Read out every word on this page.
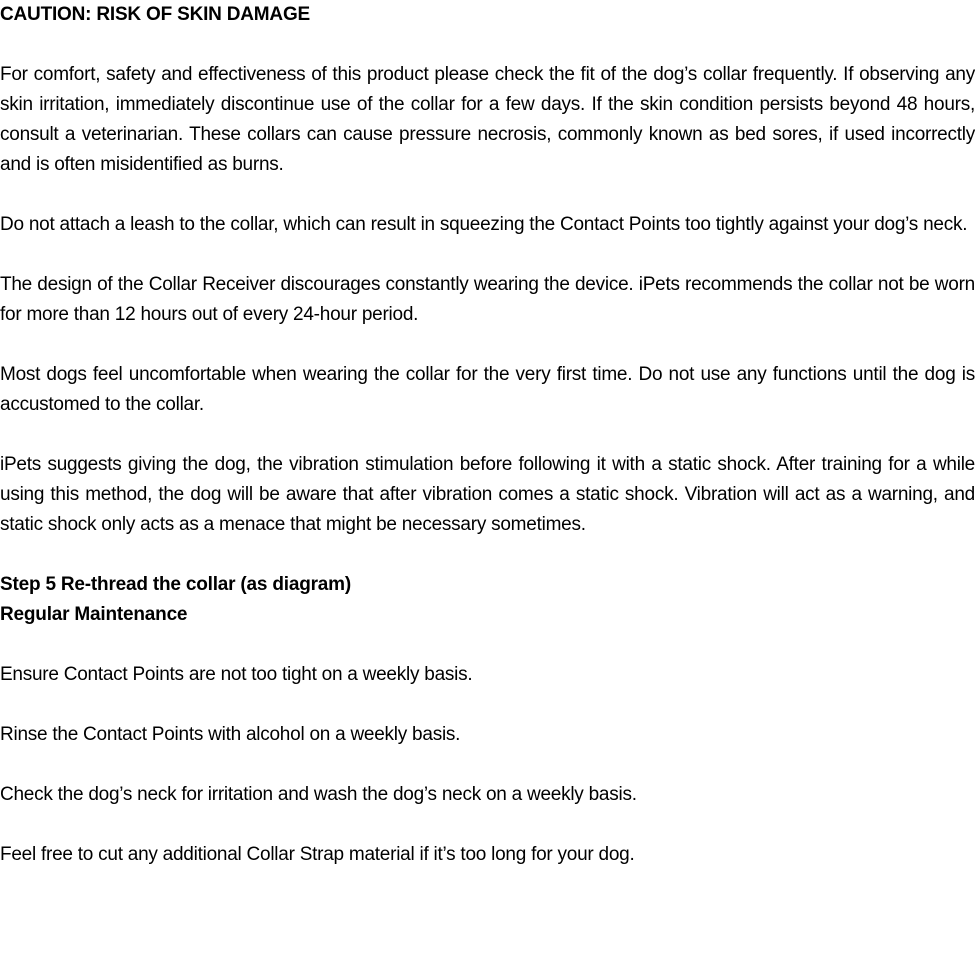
CAUTION: RISK OF SKIN DAMAGE

For comfort, safety and effectiveness of this product please check the fit of the dog’s collar frequently. If observing any skin irritation, immediately discontinue use of the collar for a few days. If the skin condition persists beyond 48 hours, consult a veterinarian. These collars can cause pressure necrosis, commonly known as bed sores, if used incorrectly and is often misidentified as burns.

Do not attach a leash to the collar, which can result in squeezing the Contact Points too tightly against your dog’s neck.

The design of the Collar Receiver discourages constantly wearing the device. iPets recommends the collar not be worn for more than 12 hours out of every 24-hour period.

Most dogs feel uncomfortable when wearing the collar for the very first time. Do not use any functions until the dog is accustomed to the collar.

iPets suggests giving the dog, the vibration stimulation before following it with a static shock. After training for a while using this method, the dog will be aware that after vibration comes a static shock. Vibration will act as a warning, and static shock only acts as a menace that might be necessary sometimes.

Step 5 Re-thread the collar (as diagram)
Regular Maintenance

Ensure Contact Points are not too tight on a weekly basis.

Rinse the Contact Points with alcohol on a weekly basis.

Check the dog’s neck for irritation and wash the dog’s neck on a weekly basis.

Feel free to cut any additional Collar Strap material if it’s too long for your dog.
